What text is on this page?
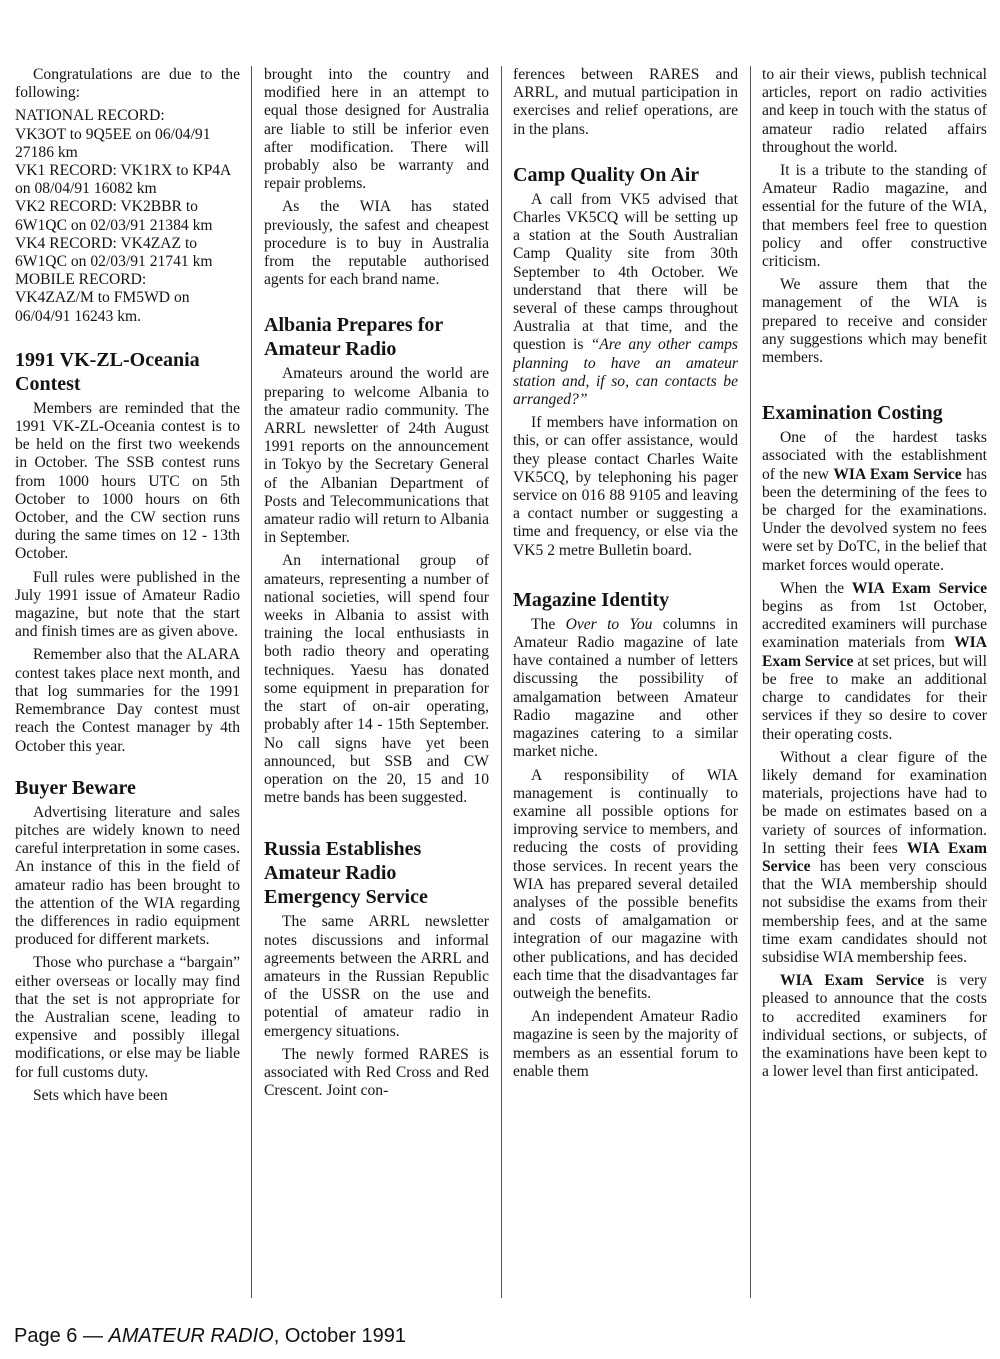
Congratulations are due to the following:

NATIONAL RECORD:

VK3OT to 9Q5EE on 06/04/91 27186 km

VK1 RECORD: VK1RX to KP4A on 08/04/91 16082 km

VK2 RECORD: VK2BBR to 6W1QC on 02/03/91 21384 km

VK4 RECORD: VK4ZAZ to 6W1QC on 02/03/91 21741 km

MOBILE RECORD:

VK4ZAZ/M to FM5WD on 06/04/91 16243 km.

1991 VK-ZL-Oceania Contest

Members are reminded that the 1991 VK-ZL-Oceania contest is to be held on the first two weekends in October. The SSB contest runs from 1000 hours UTC on 5th October to 1000 hours on 6th October, and the CW section runs during the same times on 12 - 13th October.

Full rules were published in the July 1991 issue of Amateur Radio magazine, but note that the start and finish times are as given above.

Remember also that the ALARA contest takes place next month, and that log summaries for the 1991 Remembrance Day contest must reach the Contest manager by 4th October this year.

Buyer Beware

Advertising literature and sales pitches are widely known to need careful interpretation in some cases. An instance of this in the field of amateur radio has been brought to the attention of the WIA regarding the differences in radio equipment produced for different markets.

Those who purchase a “bargain” either overseas or locally may find that the set is not appropriate for the Australian scene, leading to expensive and possibly illegal modifications, or else may be liable for full customs duty.

Sets which have been

brought into the country and modified here in an attempt to equal those designed for Australia are liable to still be inferior even after modification. There will probably also be warranty and repair problems.

As the WIA has stated previously, the safest and cheapest procedure is to buy in Australia from the reputable authorised agents for each brand name.

Albania Prepares for Amateur Radio

Amateurs around the world are preparing to welcome Albania to the amateur radio community. The ARRL newsletter of 24th August 1991 reports on the announcement in Tokyo by the Secretary General of the Albanian Department of Posts and Telecommunications that amateur radio will return to Albania in September.

An international group of amateurs, representing a number of national societies, will spend four weeks in Albania to assist with training the local enthusiasts in both radio theory and operating techniques. Yaesu has donated some equipment in preparation for the start of on-air operating, probably after 14 - 15th September. No call signs have yet been announced, but SSB and CW operation on the 20, 15 and 10 metre bands has been suggested.

Russia Establishes Amateur Radio Emergency Service

The same ARRL newsletter notes discussions and informal agreements between the ARRL and amateurs in the Russian Republic of the USSR on the use and potential of amateur radio in emergency situations.

The newly formed RARES is associated with Red Cross and Red Crescent. Joint con-

ferences between RARES and ARRL, and mutual participation in exercises and relief operations, are in the plans.

Camp Quality On Air

A call from VK5 advised that Charles VK5CQ will be setting up a station at the South Australian Camp Quality site from 30th September to 4th October. We understand that there will be several of these camps throughout Australia at that time, and the question is “Are any other camps planning to have an amateur station and, if so, can contacts be arranged?”

If members have information on this, or can offer assistance, would they please contact Charles Waite VK5CQ, by telephoning his pager service on 016 88 9105 and leaving a contact number or suggesting a time and frequency, or else via the VK5 2 metre Bulletin board.

Magazine Identity

The Over to You columns in Amateur Radio magazine of late have contained a number of letters discussing the possibility of amalgamation between Amateur Radio magazine and other magazines catering to a similar market niche.

A responsibility of WIA management is continually to examine all possible options for improving service to members, and reducing the costs of providing those services. In recent years the WIA has prepared several detailed analyses of the possible benefits and costs of amalgamation or integration of our magazine with other publications, and has decided each time that the disadvantages far outweigh the benefits.

An independent Amateur Radio magazine is seen by the majority of members as an essential forum to enable them

to air their views, publish technical articles, report on radio activities and keep in touch with the status of amateur radio related affairs throughout the world.

It is a tribute to the standing of Amateur Radio magazine, and essential for the future of the WIA, that members feel free to question policy and offer constructive criticism.

We assure them that the management of the WIA is prepared to receive and consider any suggestions which may benefit members.

Examination Costing

One of the hardest tasks associated with the establishment of the new WIA Exam Service has been the determining of the fees to be charged for the examinations. Under the devolved system no fees were set by DoTC, in the belief that market forces would operate.

When the WIA Exam Service begins as from 1st October, accredited examiners will purchase examination materials from WIA Exam Service at set prices, but will be free to make an additional charge to candidates for their services if they so desire to cover their operating costs.

Without a clear figure of the likely demand for examination materials, projections have had to be made on estimates based on a variety of sources of information. In setting their fees WIA Exam Service has been very conscious that the WIA membership should not subsidise the exams from their membership fees, and at the same time exam candidates should not subsidise WIA membership fees.

WIA Exam Service is very pleased to announce that the costs to accredited examiners for individual sections, or subjects, of the examinations have been kept to a lower level than first anticipated.

Page 6 — AMATEUR RADIO, October 1991
